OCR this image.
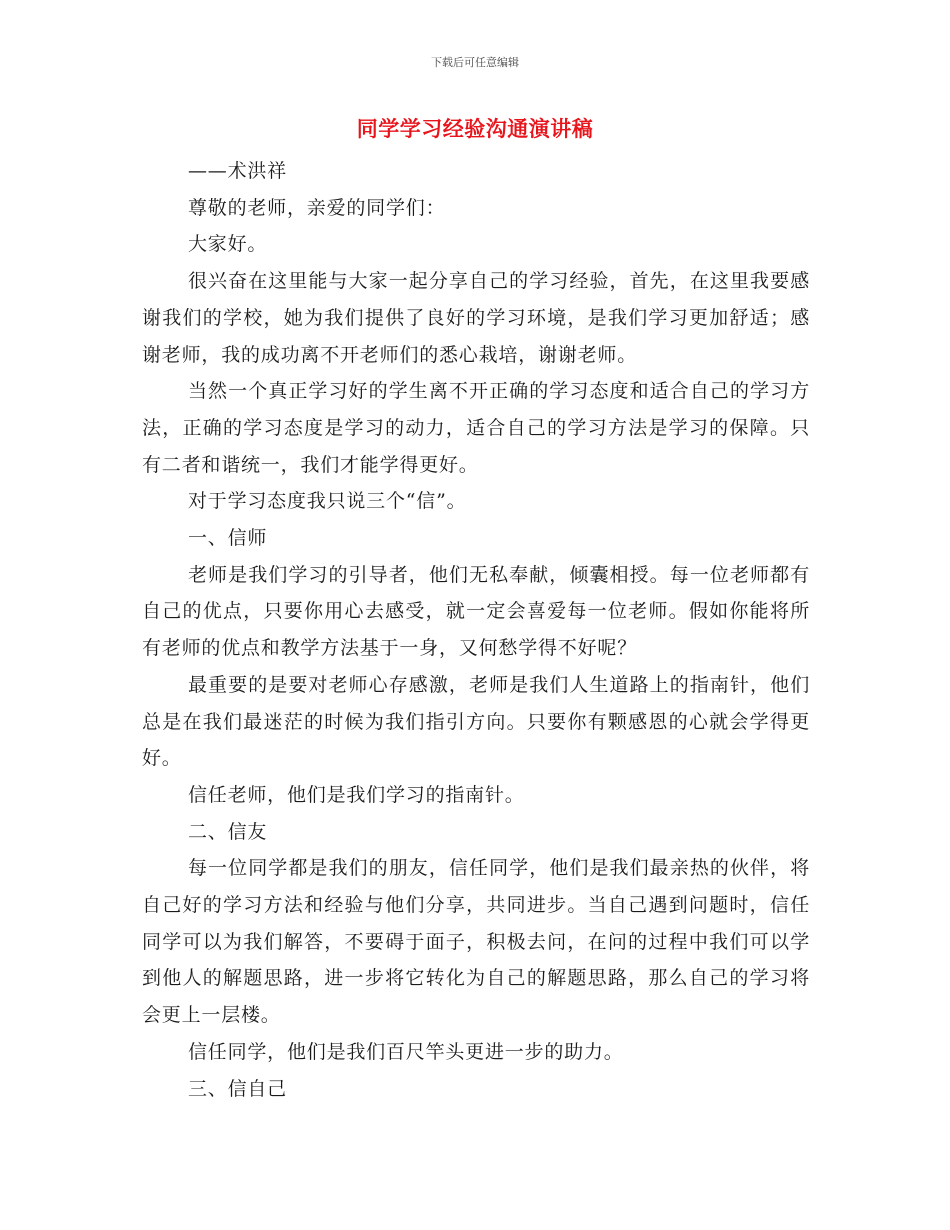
下载后可任意编辑
同学学习经验沟通演讲稿

——术洪祥

尊敬的老师，亲爱的同学们：

大家好。

很兴奋在这里能与大家一起分享自己的学习经验，首先，在这里我要感谢我们的学校，她为我们提供了良好的学习环境，是我们学习更加舒适；感谢老师，我的成功离不开老师们的悉心栽培，谢谢老师。

当然一个真正学习好的学生离不开正确的学习态度和适合自己的学习方法，正确的学习态度是学习的动力，适合自己的学习方法是学习的保障。只有二者和谐统一，我们才能学得更好。

对于学习态度我只说三个“信”。

一、信师

老师是我们学习的引导者，他们无私奉献，倾囊相授。每一位老师都有自己的优点，只要你用心去感受，就一定会喜爱每一位老师。假如你能将所有老师的优点和教学方法基于一身，又何愁学得不好呢？

最重要的是要对老师心存感激，老师是我们人生道路上的指南针，他们总是在我们最迷茫的时候为我们指引方向。只要你有颗感恩的心就会学得更好。

信任老师，他们是我们学习的指南针。

二、信友

每一位同学都是我们的朋友，信任同学，他们是我们最亲热的伙伴，将自己好的学习方法和经验与他们分享，共同进步。当自己遇到问题时，信任同学可以为我们解答，不要碍于面子，积极去问，在问的过程中我们可以学到他人的解题思路，进一步将它转化为自己的解题思路，那么自己的学习将会更上一层楼。

信任同学，他们是我们百尺竿头更进一步的助力。

三、信自己
